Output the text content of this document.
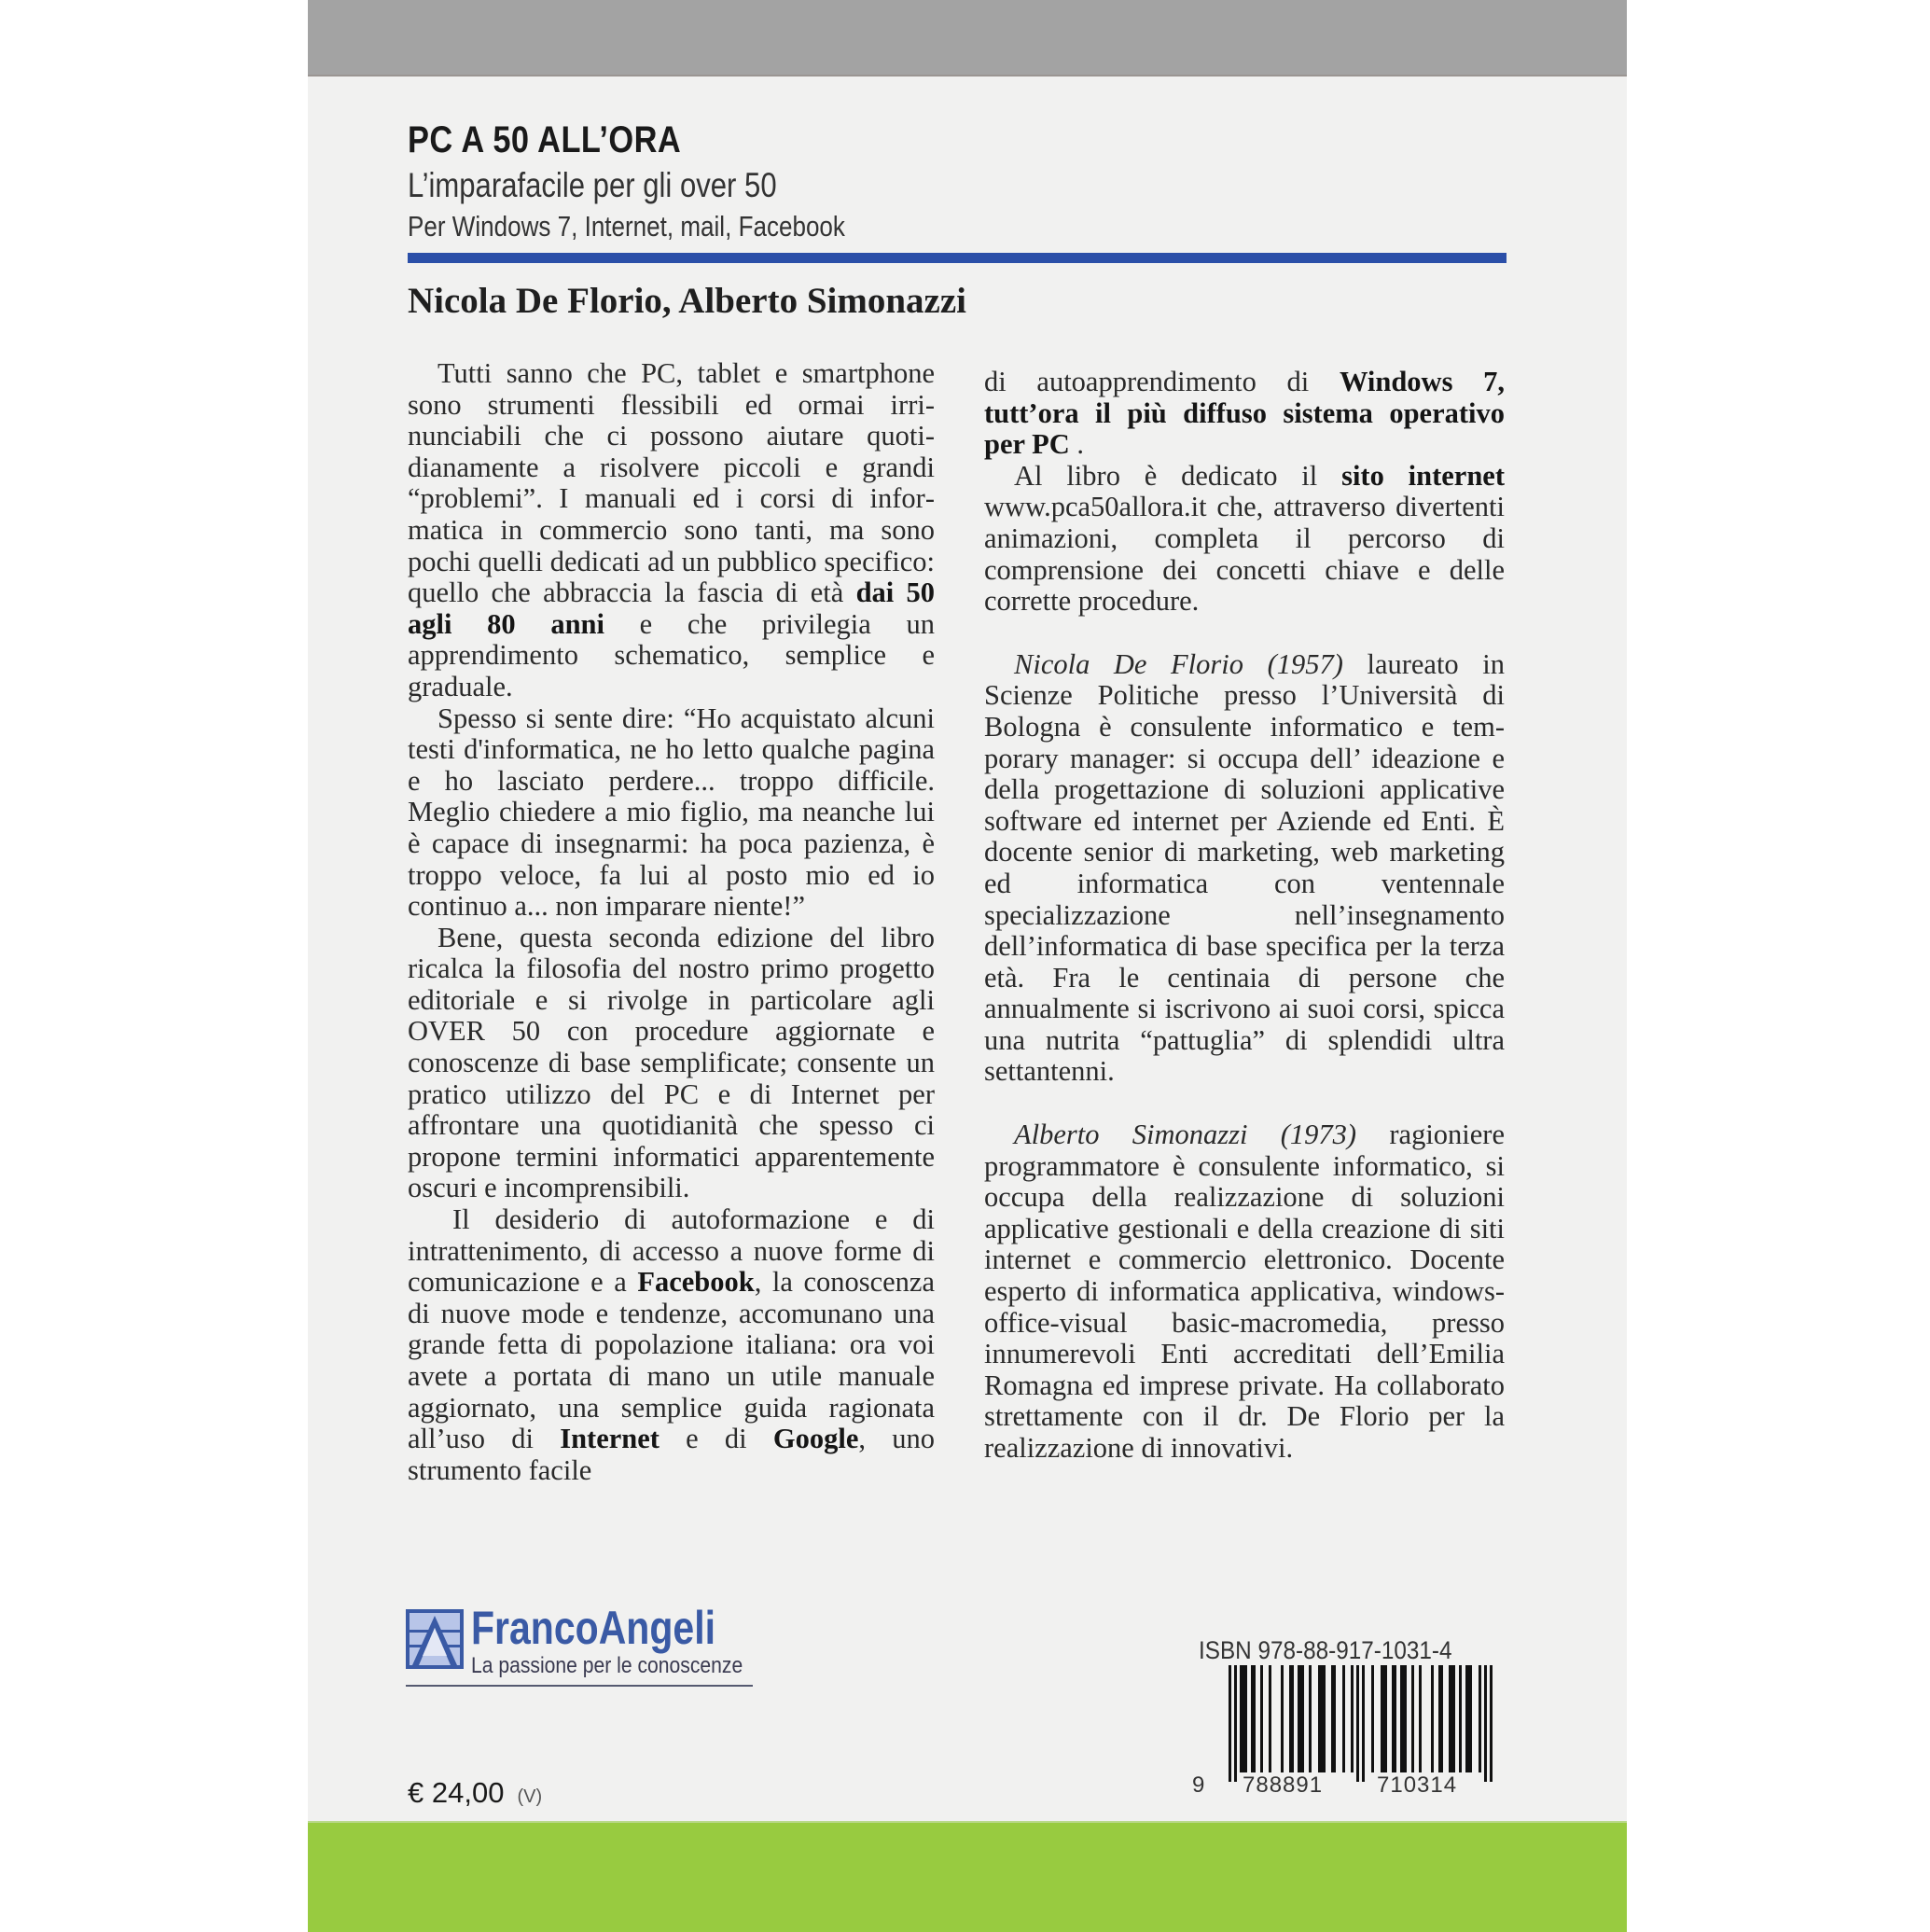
PC A 50 ALL’ORA
L’imparafacile per gli over 50
Per Windows 7, Internet, mail, Facebook
Nicola De Florio, Alberto Simonazzi

Tutti sanno che PC, tablet e smartphone sono strumenti flessibili ed ormai irrinunciabili che ci possono aiutare quotidianamente a risolvere piccoli e grandi “problemi”. I manuali ed i corsi di informatica in commercio sono tanti, ma sono pochi quelli dedicati ad un pubblico specifico: quello che abbraccia la fascia di età dai 50 agli 80 anni e che privilegia un apprendimento schematico, semplice e graduale.

Spesso si sente dire: “Ho acquistato alcuni testi d'informatica, ne ho letto qualche pagina e ho lasciato perdere... troppo difficile. Meglio chiedere a mio figlio, ma neanche lui è capace di insegnarmi: ha poca pazienza, è troppo veloce, fa lui al posto mio ed io continuo a... non imparare niente!”

Bene, questa seconda edizione del libro ricalca la filosofia del nostro primo progetto editoriale e si rivolge in particolare agli OVER 50 con procedure aggiornate e conoscenze di base semplificate; consente un pratico utilizzo del PC e di Internet per affrontare una quotidianità che spesso ci propone termini informatici apparentemente oscuri e incomprensibili.

Il desiderio di autoformazione e di intrattenimento, di accesso a nuove forme di comunicazione e a Facebook, la conoscenza di nuove mode e tendenze, accomunano una grande fetta di popolazione italiana: ora voi avete a portata di mano un utile manuale aggiornato, una semplice guida ragionata all’uso di Internet e di Google, uno strumento facile

di autoapprendimento di Windows 7, tutt’ora il più diffuso sistema operativo per PC .

Al libro è dedicato il sito internet www.pca50allora.it che, attraverso divertenti animazioni, completa il percorso di comprensione dei concetti chiave e delle corrette procedure.

Nicola De Florio (1957) laureato in Scienze Politiche presso l’Università di Bologna è consulente informatico e temporary manager: si occupa dell’ ideazione e della progettazione di soluzioni applicative software ed internet per Aziende ed Enti. È docente senior di marketing, web marketing ed informatica con ventennale specializzazione nell’insegnamento dell’informatica di base specifica per la terza età. Fra le centinaia di persone che annualmente si iscrivono ai suoi corsi, spicca una nutrita “pattuglia” di splendidi ultra settantenni.

Alberto Simonazzi (1973) ragioniere programmatore è consulente informatico, si occupa della realizzazione di soluzioni applicative gestionali e della creazione di siti internet e commercio elettronico. Docente esperto di informatica applicativa, windows-office-visual basic-macromedia, presso innumerevoli Enti accreditati dell’Emilia Romagna ed imprese private. Ha collaborato strettamente con il dr. De Florio per la realizzazione di innovativi.

FrancoAngeli
La passione per le conoscenze
ISBN 978-88-917-1031-4
9 788891 710314
€ 24,00 (V)
